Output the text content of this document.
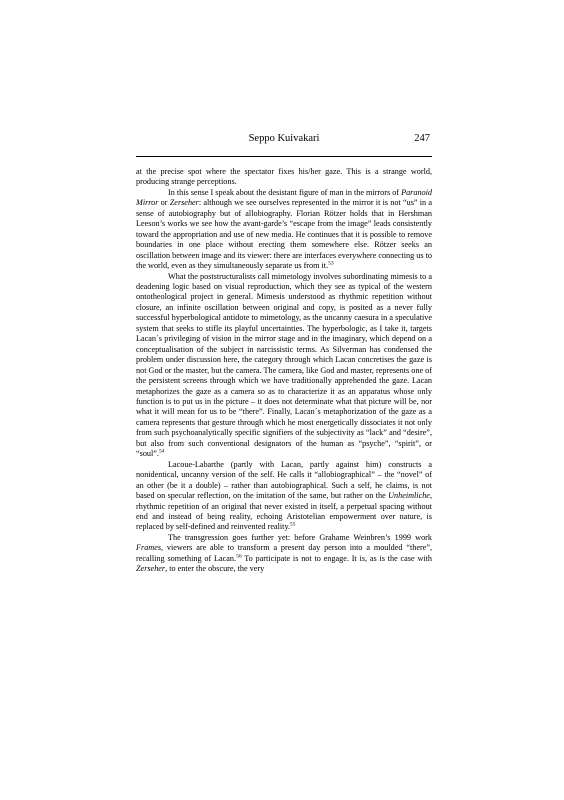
Seppo Kuivakari	247

at the precise spot where the spectator fixes his/her gaze. This is a strange world, producing strange perceptions.

In this sense I speak about the desistant figure of man in the mirrors of Paranoid Mirror or Zerseher: although we see ourselves represented in the mirror it is not “us” in a sense of autobiography but of allobiography. Florian Rötzer holds that in Hershman Leeson’s works we see how the avant-garde’s “escape from the image” leads consistently toward the appropriation and use of new media. He continues that it is possible to remove boundaries in one place without erecting them somewhere else. Rötzer seeks an oscillation between image and its viewer: there are interfaces everywhere connecting us to the world, even as they simultaneously separate us from it.$^{53}$

What the poststructuralists call mimetology involves subordinating mimesis to a deadening logic based on visual reproduction, which they see as typical of the western ontotheological project in general. Mimesis understood as rhythmic repetition without closure, an infinite oscillation between original and copy, is posited as a never fully successful hyperbological antidote to mimetology, as the uncanny caesura in a speculative system that seeks to stifle its playful uncertainties. The hyperbologic, as I take it, targets Lacan´s privileging of vision in the mirror stage and in the imaginary, which depend on a conceptualisation of the subject in narcissistic terms. As Silverman has condensed the problem under discussion here, the category through which Lacan concretises the gaze is not God or the master, but the camera. The camera, like God and master, represents one of the persistent screens through which we have traditionally apprehended the gaze. Lacan metaphorizes the gaze as a camera so as to characterize it as an apparatus whose only function is to put us in the picture – it does not determinate what that picture will be, nor what it will mean for us to be “there”. Finally, Lacan´s metaphorization of the gaze as a camera represents that gesture through which he most energetically dissociates it not only from such psychoanalytically specific signifiers of the subjectivity as “lack” and “desire”, but also from such conventional designators of the human as “psyche”, “spirit”, or “soul”.$^{54}$

Lacoue-Labarthe (partly with Lacan, partly against him) constructs a nonidentical, uncanny version of the self. He calls it “allobiographical” – the “novel” of an other (be it a double) – rather than autobiographical. Such a self, he claims, is not based on specular reflection, on the imitation of the same, but rather on the Unheimliche, rhythmic repetition of an original that never existed in itself, a perpetual spacing without end and instead of being reality, echoing Aristotelian empowerment over nature, is replaced by self-defined and reinvented reality.$^{55}$

The transgression goes further yet: before Grahame Weinbren’s 1999 work Frames, viewers are able to transform a present day person into a moulded “there”, recalling something of Lacan.$^{56}$ To participate is not to engage. It is, as is the case with Zerseher, to enter the obscure, the very
